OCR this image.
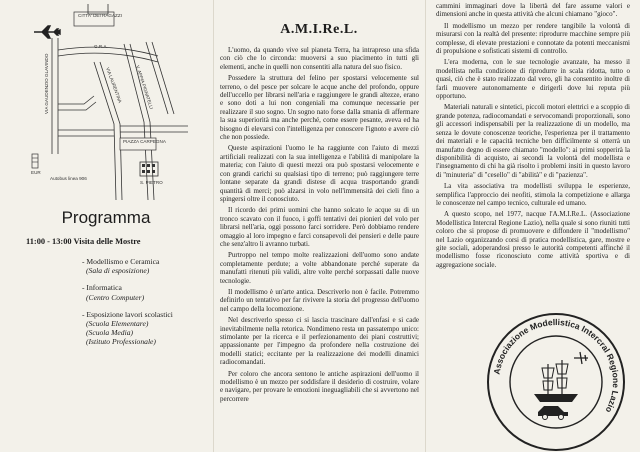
CITTA' DEI RAGAZZI
G.R.A.
VIA GAUDENZIO GLAVINDO	VIA LAURENTINA	V. APPIA PIGNATELLI
PIAZZA CARPEGNA
S. PIETRO
EUR
Autobus linea 906
Programma
11:00 - 13:00 Visita delle Mostre
- Modellismo e Ceramica
(Sala di esposizione)
- Informatica
(Centro Computer)
- Esposizione lavori scolastici
(Scuola Elementare)
(Scuola Media)
(Istituto Professionale)
A.M.I.Re.L.

L'uomo, da quando vive sul pianeta Terra, ha intrapreso una sfida con ciò che lo circonda: muoversi a suo piacimento in tutti gli elementi, anche in quelli non consentiti alla natura del suo fisico.

Possedere la struttura del felino per spostarsi velocemente sul terreno, o del pesce per solcare le acque anche del profondo, oppure dell'uccello per librarsi nell'aria e raggiungere le grandi altezze, erano e sono doti a lui non congeniali ma comunque necessarie per realizzare il suo sogno. Un sogno nato forse dalla smania di affermare la sua superiorità ma anche perché, come essere pesante, aveva ed ha bisogno di elevarsi con l'intelligenza per conoscere l'ignoto e avere ciò che non possiede.

Queste aspirazioni l'uomo le ha raggiunte con l'aiuto di mezzi artificiali realizzati con la sua intelligenza e l'abilità di manipolare la materia; con l'aiuto di questi mezzi ora può spostarsi velocemente e con grandi carichi su qualsiasi tipo di terreno; può raggiungere terre lontane separate da grandi distese di acqua trasportando grandi quantità di merci; può alzarsi in volo nell'immensità dei cieli fino a spingersi oltre il conosciuto.

Il ricordo dei primi uomini che hanno solcato le acque su di un tronco scavato con il fuoco, i goffi tentativi dei pionieri del volo per librarsi nell'aria, oggi possono farci sorridere. Però dobbiamo rendere omaggio al loro impegno e farci consapevoli dei pensieri e delle paure che senz'altro li avranno turbati.

Purtroppo nel tempo molte realizzazioni dell'uomo sono andate completamente perdute; a volte abbandonate perché superate da manufatti ritenuti più validi, altre volte perché sorpassati dalle nuove tecnologie.

Il modellismo è un'arte antica. Descriverlo non è facile. Potremmo definirlo un tentativo per far rivivere la storia del progresso dell'uomo nel campo della locomozione.

Nel descriverlo spesso ci si lascia trascinare dall'enfasi e si cade inevitabilmente nella retorica. Nondimeno resta un passatempo unico: stimolante per la ricerca e il perfezionamento dei piani costruttivi; appassionante per l'impegno da profondere nella costruzione dei modelli statici; eccitante per la realizzazione dei modelli dinamici radiocomandati.

Per coloro che ancora sentono le antiche aspirazioni dell'uomo il modellismo è un mezzo per soddisfare il desiderio di costruire, volare e navigare, per provare le emozioni ineguagliabili che si avvertono nel percorrere

cammini immaginari dove la libertà del fare assume valori e dimensioni anche in questa attività che alcuni chiamano "gioco".

Il modellismo un mezzo per rendere tangibile la volontà di misurarsi con la realtà del presente: riprodurre macchine sempre più complesse, di elevate prestazioni e connotate da potenti meccanismi di propulsione e sofisticati sistemi di controllo.

L'era moderna, con le sue tecnologie avanzate, ha messo il modellista nella condizione di riprodurre in scala ridotta, tutto o quasi, ciò che è stato realizzato dal vero, gli ha consentito inoltre di farli muovere autonomamente e dirigerli dove lui reputa più opportuno.

Materiali naturali e sintetici, piccoli motori elettrici e a scoppio di grande potenza, radiocomandati e servocomandi proporzionali, sono gli accessori indispensabili per la realizzazione di un modello, ma senza le dovute conoscenze teoriche, l'esperienza per il trattamento dei materiali e le capacità tecniche ben difficilmente si otterrà un manufatto degno di essere chiamato "modello": ai primi sopperirà la disponibilità di acquisto, ai secondi la volontà del modellista e l'insegnamento di chi ha già risolto i problemi insiti in questo lavoro di "minuteria" di "cesello" di "abilità" e di "pazienza".

La vita associativa tra modellisti sviluppa le esperienze, semplifica l'approccio dei neofiti, stimola la competizione e allarga le conoscenze nel campo tecnico, culturale ed umano.

A questo scopo, nel 1977, nacque l'A.M.I.Re.L. (Associazione Modellistica Intercral Regione Lazio), nella quale si sono riuniti tutti coloro che si propose di promuovere e diffondere il "modellismo" nel Lazio organizzando corsi di pratica modellistica, gare, mostre e gite sociali, adoperandosi presso le autorità competenti affinché il modellismo fosse riconosciuto come attività sportiva e di aggregazione sociale.

Associazione Modellistica Intercral Regione Lazio
